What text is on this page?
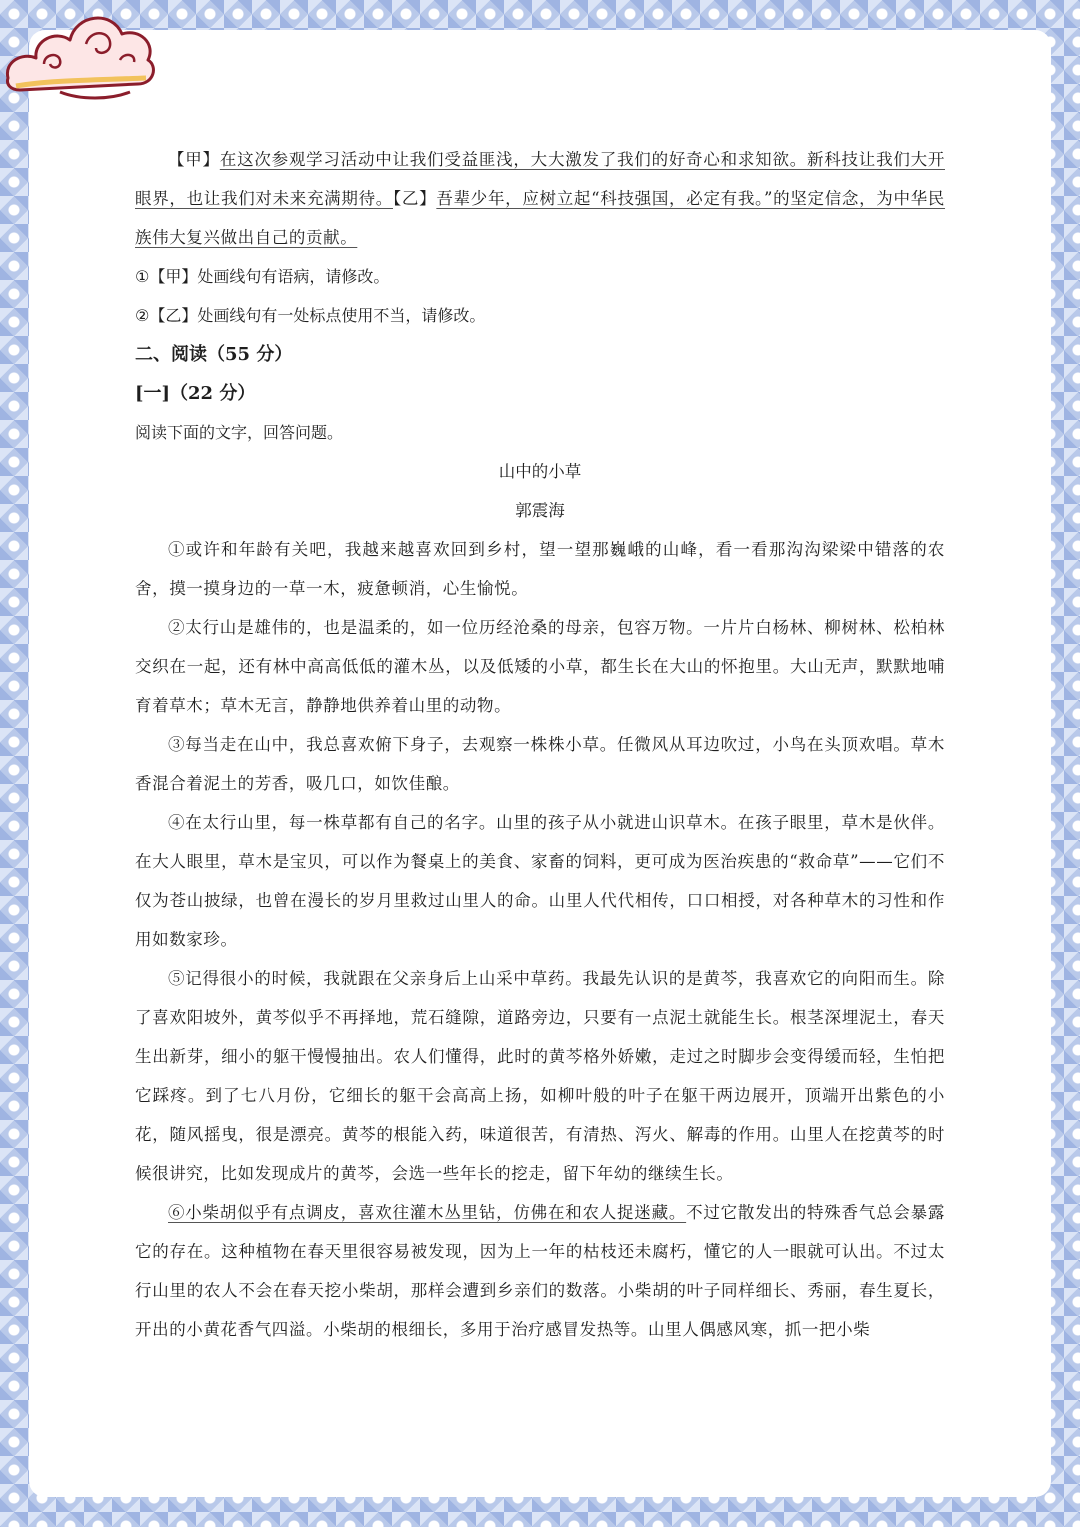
【甲】在这次参观学习活动中让我们受益匪浅，大大激发了我们的好奇心和求知欲。新科技让我们大开眼界，也让我们对未来充满期待。【乙】吾辈少年，应树立起“科技强国，必定有我。”的坚定信念，为中华民族伟大复兴做出自己的贡献。
①【甲】处画线句有语病，请修改。
②【乙】处画线句有一处标点使用不当，请修改。
二、阅读（55 分）
[一]（22 分）
阅读下面的文字，回答问题。
山中的小草
郭震海
①或许和年龄有关吧，我越来越喜欢回到乡村，望一望那巍峨的山峰，看一看那沟沟梁梁中错落的农舍，摸一摸身边的一草一木，疲惫顿消，心生愉悦。
②太行山是雄伟的，也是温柔的，如一位历经沧桑的母亲，包容万物。一片片白杨林、柳树林、松柏林交织在一起，还有林中高高低低的灌木丛，以及低矮的小草，都生长在大山的怀抱里。大山无声，默默地哺育着草木；草木无言，静静地供养着山里的动物。
③每当走在山中，我总喜欢俯下身子，去观察一株株小草。任微风从耳边吹过，小鸟在头顶欢唱。草木香混合着泥土的芳香，吸几口，如饮佳酿。
④在太行山里，每一株草都有自己的名字。山里的孩子从小就进山识草木。在孩子眼里，草木是伙伴。在大人眼里，草木是宝贝，可以作为餐桌上的美食、家畜的饲料，更可成为医治疾患的“救命草”——它们不仅为苍山披绿，也曾在漫长的岁月里救过山里人的命。山里人代代相传，口口相授，对各种草木的习性和作用如数家珍。
⑤记得很小的时候，我就跟在父亲身后上山采中草药。我最先认识的是黄芩，我喜欢它的向阳而生。除了喜欢阳坡外，黄芩似乎不再择地，荒石缝隙，道路旁边，只要有一点泥土就能生长。根茎深埋泥土，春天生出新芽，细小的躯干慢慢抽出。农人们懂得，此时的黄芩格外娇嫩，走过之时脚步会变得缓而轻，生怕把它踩疼。到了七八月份，它细长的躯干会高高上扬，如柳叶般的叶子在躯干两边展开，顶端开出紫色的小花，随风摇曳，很是漂亮。黄芩的根能入药，味道很苦，有清热、泻火、解毒的作用。山里人在挖黄芩的时候很讲究，比如发现成片的黄芩，会选一些年长的挖走，留下年幼的继续生长。
⑥小柴胡似乎有点调皮，喜欢往灌木丛里钻，仿佛在和农人捉迷藏。不过它散发出的特殊香气总会暴露它的存在。这种植物在春天里很容易被发现，因为上一年的枯枝还未腐朽，懂它的人一眼就可认出。不过太行山里的农人不会在春天挖小柴胡，那样会遭到乡亲们的数落。小柴胡的叶子同样细长、秀丽，春生夏长，开出的小黄花香气四溢。小柴胡的根细长，多用于治疗感冒发热等。山里人偶感风寒，抓一把小柴
